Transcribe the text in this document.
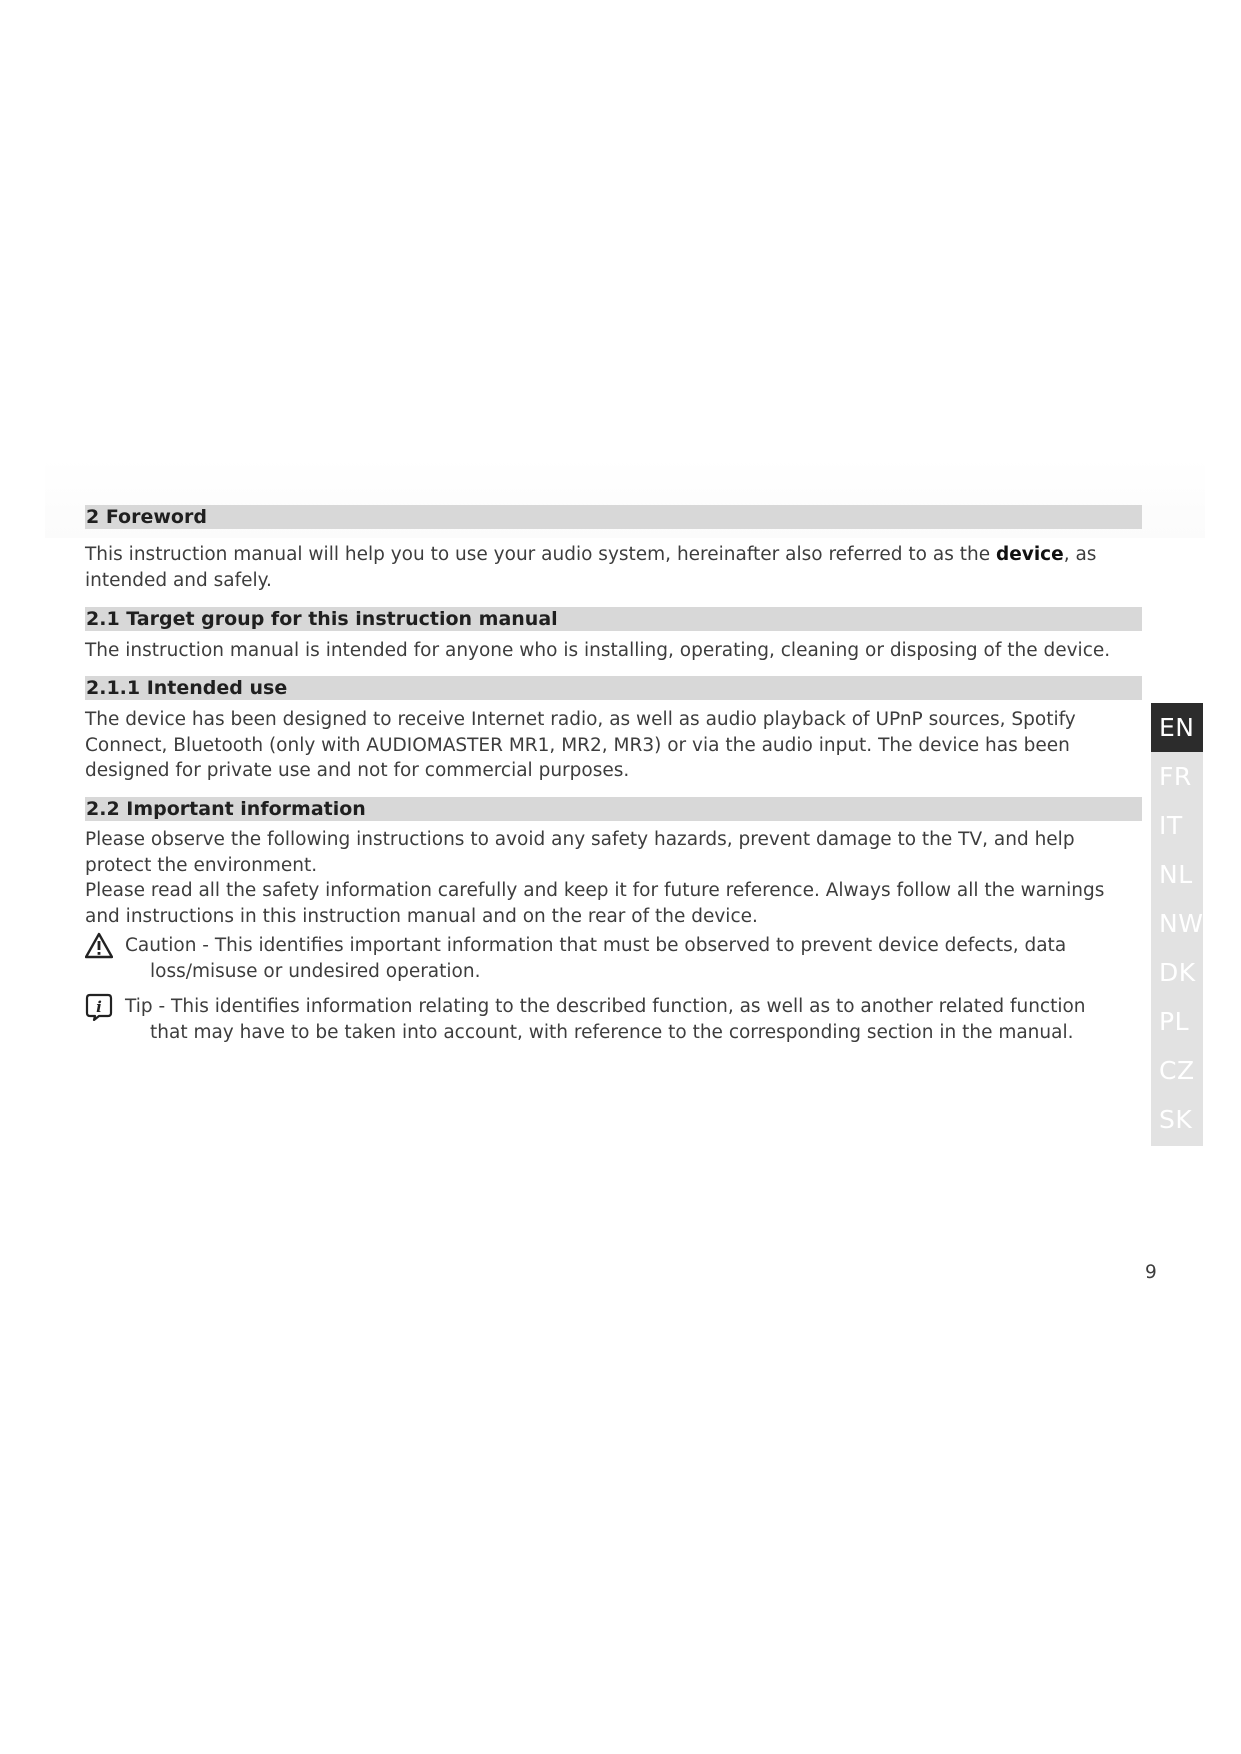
2 Foreword
This instruction manual will help you to use your audio system, hereinafter also referred to as the device, as intended and safely.
2.1 Target group for this instruction manual
The instruction manual is intended for anyone who is installing, operating, cleaning or disposing of the device.
2.1.1 Intended use
The device has been designed to receive Internet radio, as well as audio playback of UPnP sources, Spotify Connect, Bluetooth (only with AUDIOMASTER MR1, MR2, MR3) or via the audio input. The device has been designed for private use and not for commercial purposes.
2.2 Important information
Please observe the following instructions to avoid any safety hazards, prevent damage to the TV, and help protect the environment.
Please read all the safety information carefully and keep it for future reference. Always follow all the warnings and instructions in this instruction manual and on the rear of the device.
Caution - This identifies important information that must be observed to prevent device defects, data
loss/misuse or undesired operation.
i Tip - This identifies information relating to the described function, as well as to another related function
that may have to be taken into account, with reference to the corresponding section in the manual.
EN
FR
IT
NL
NW
DK
PL
CZ
SK
9
